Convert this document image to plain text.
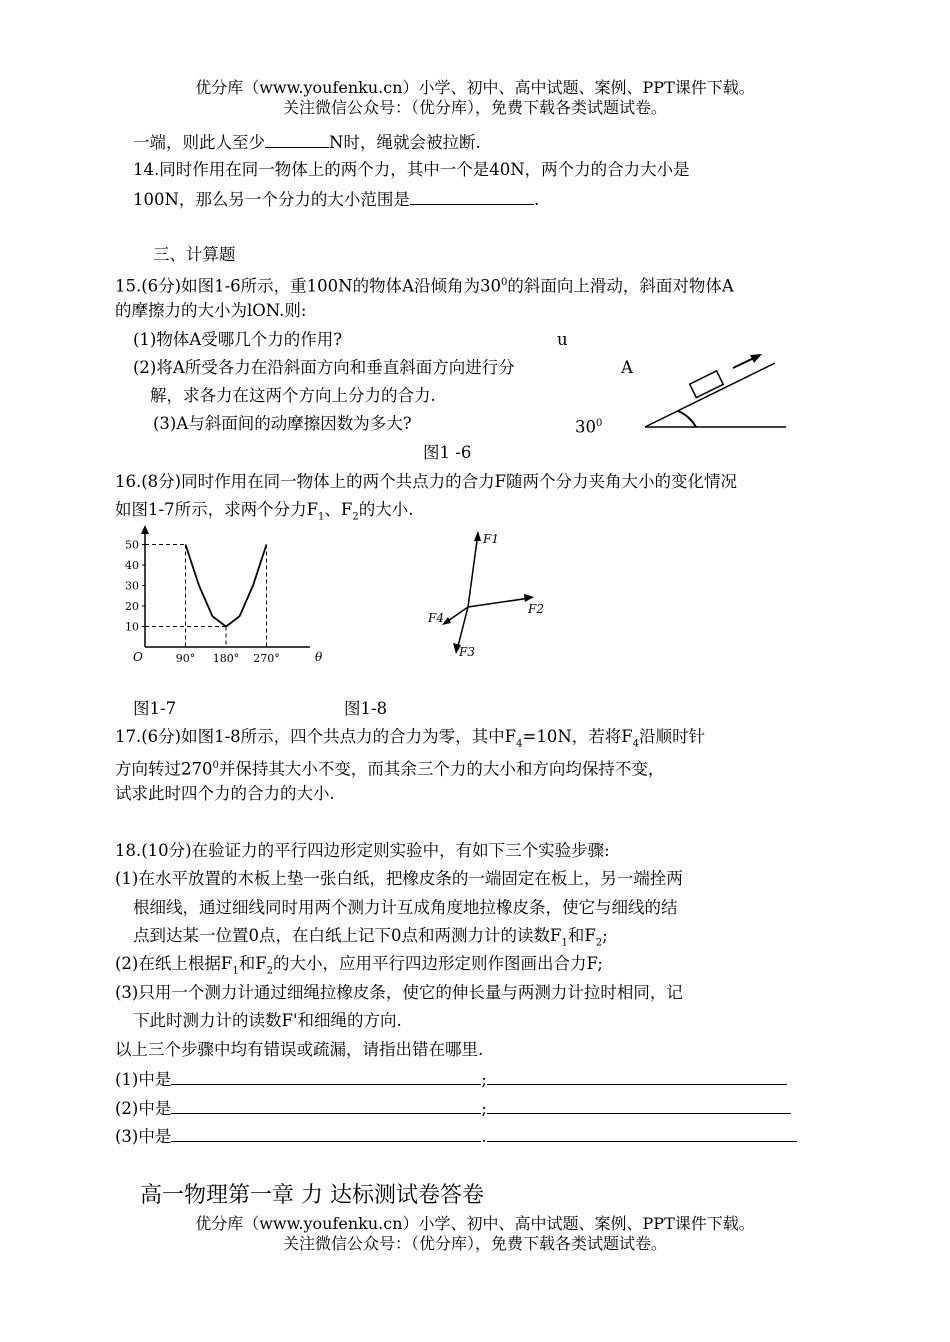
优分库（www.youfenku.cn）小学、初中、高中试题、案例、PPT课件下载。
关注微信公众号：（优分库），免费下载各类试题试卷。
一端，则此人至少	N时，绳就会被拉断.
14.同时作用在同一物体上的两个力，其中一个是40N，两个力的合力大小是
100N，那么另一个分力的大小范围是	.
三、计算题
15.(6分)如图1-6所示，重100N的物体A沿倾角为$30^0$的斜面向上滑动，斜面对物体A
的摩擦力的大小为lON.则:
(1)物体A受哪几个力的作用?
(2)将A所受各力在沿斜面方向和垂直斜面方向进行分
解，求各力在这两个方向上分力的合力.
(3)A与斜面间的动摩擦因数为多大?
u
A
$30^0$
图1 -6
16.(8分)同时作用在同一物体上的两个共点力的合力F随两个分力夹角大小的变化情况
如图1-7所示，求两个分力$F_1$、$F_2$的大小.
10
20
30
40
50
90° 180° 270°
O	θ
F1
F2
F3
F4
图1-7	图1-8
17.(6分)如图1-8所示，四个共点力的合力为零，其中$F_4=10N$，若将$F_4$沿顺时针
方向转过$270^0$并保持其大小不变，而其余三个力的大小和方向均保持不变，
试求此时四个力的合力的大小.
18.(10分)在验证力的平行四边形定则实验中，有如下三个实验步骤:
(1)在水平放置的木板上垫一张白纸，把橡皮条的一端固定在板上，另一端拴两
根细线，通过细线同时用两个测力计互成角度地拉橡皮条，使它与细线的结
点到达某一位置0点，在白纸上记下0点和两测力计的读数$F_1$和$F_2$;
(2)在纸上根据$F_1$和$F_2$的大小，应用平行四边形定则作图画出合力F;
(3)只用一个测力计通过细绳拉橡皮条，使它的伸长量与两测力计拉时相同，记
下此时测力计的读数F'和细绳的方向.
以上三个步骤中均有错误或疏漏，请指出错在哪里.
(1)中是	;
(2)中是	;
(3)中是	.
高一物理第一章 力 达标测试卷答卷
优分库（www.youfenku.cn）小学、初中、高中试题、案例、PPT课件下载。
关注微信公众号：（优分库），免费下载各类试题试卷。
